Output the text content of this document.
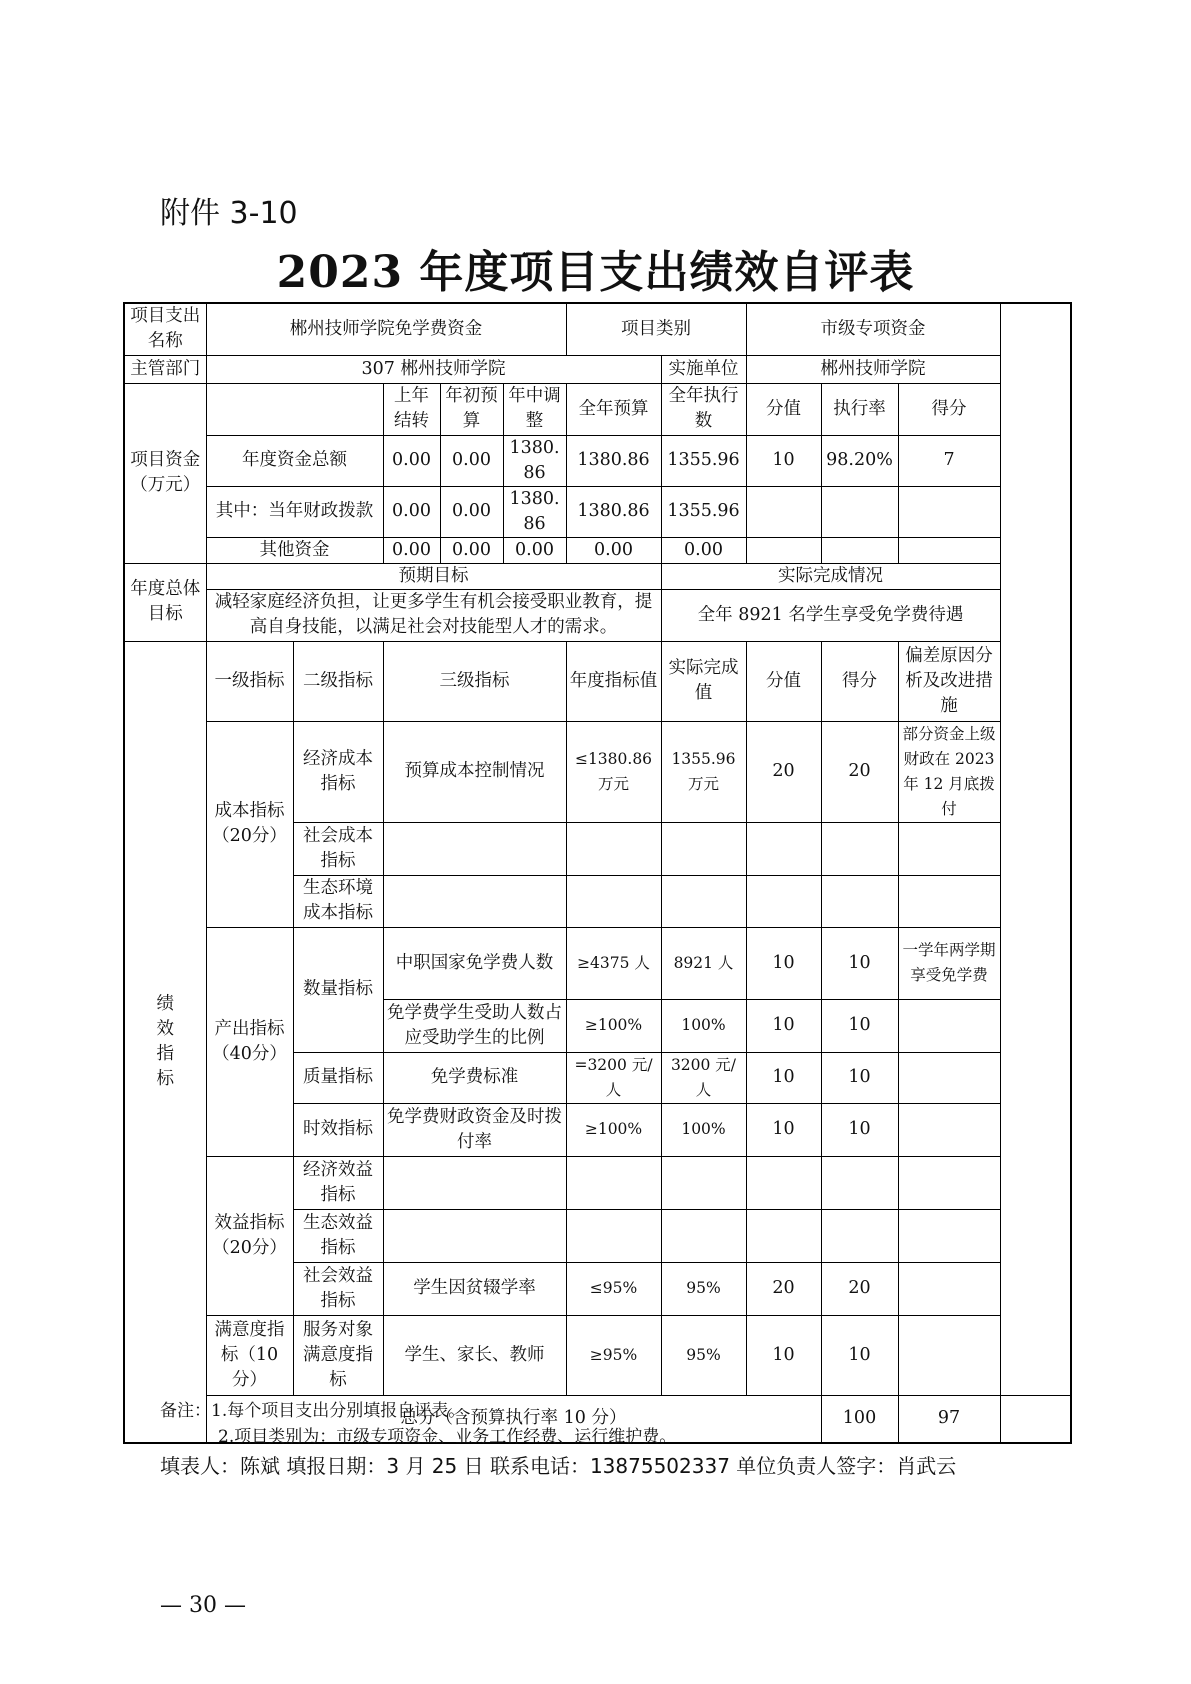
附件 3-10
2023 年度项目支出绩效自评表
项目支出名称	郴州技师学院免学费资金					项目类别		市级专项资金			
主管部门	307 郴州技师学院						实施单位	郴州技师学院			
项目资金（万元）			上年结转	年初预算	年中调整	全年预算	全年执行数	分值	执行率	得分	
	年度资金总额		0.00	0.00	1380.86	1380.86	1355.96	10	98.20%	7	
	其中：当年财政拨款		0.00	0.00	1380.86	1380.86	1355.96				
	其他资金		0.00	0.00	0.00	0.00	0.00				
年度总体目标	预期目标						实际完成情况				
	减轻家庭经济负担，让更多学生有机会接受职业教育，提高自身技能，以满足社会对技能型人才的需求。						全年 8921 名学生享受免学费待遇				
绩效指标	一级指标	二级指标	三级指标			年度指标值	实际完成值	分值	得分	偏差原因分析及改进措施	
	成本指标（20分）	经济成本指标	预算成本控制情况			≤1380.86 万元	1355.96 万元	20	20	部分资金上级财政在 2023 年 12 月底拨付	
		社会成本指标									
		生态环境成本指标									
	产出指标（40分）	数量指标	中职国家免学费人数			≥4375 人	8921 人	10	10	一学年两学期享受免学费	
			免学费学生受助人数占应受助学生的比例			≥100%	100%	10	10		
		质量指标	免学费标准			=3200 元/人	3200 元/人	10	10		
		时效指标	免学费财政资金及时拨付率			≥100%	100%	10	10		
	效益指标（20分）	经济效益指标									
		生态效益指标									
		社会效益指标	学生因贫辍学率			≤95%	95%	20	20		
	满意度指标（10分）	服务对象满意度指标	学生、家长、教师			≥95%	95%	10	10		
	总分（含预算执行率 10 分）								100	97	
备注：1.每个项目支出分别填报自评表。
2.项目类别为：市级专项资金、业务工作经费、运行维护费。
填表人：陈斌 填报日期：3 月 25 日 联系电话：13875502337 单位负责人签字：肖武云
— 30 —
